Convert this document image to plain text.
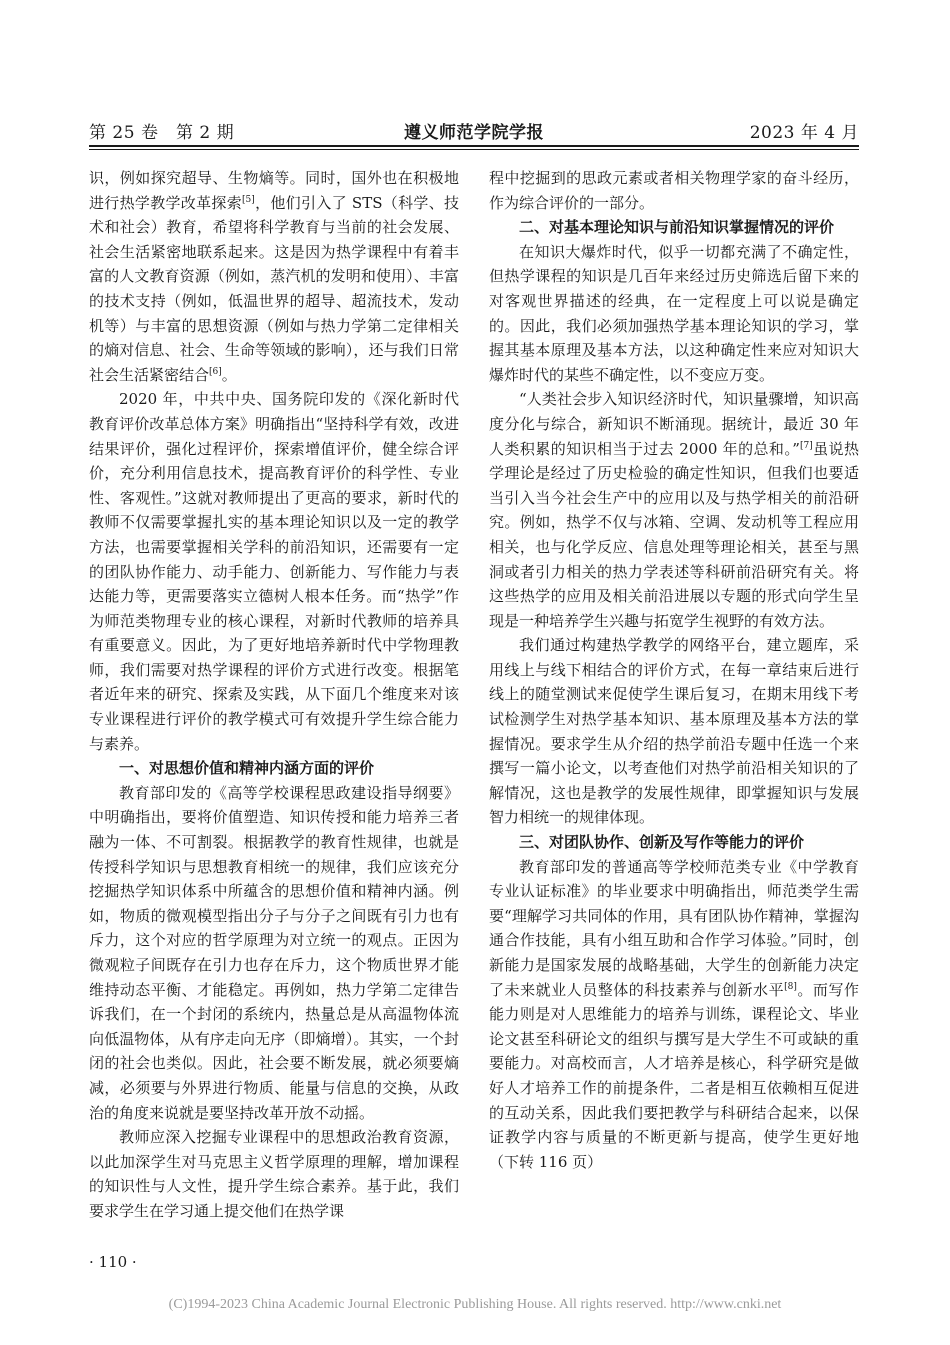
第 25 卷　第 2 期	遵义师范学院学报	2023 年 4 月

识，例如探究超导、生物熵等。同时，国外也在积极地进行热学教学改革探索[5]，他们引入了 STS（科学、技术和社会）教育，希望将科学教育与当前的社会发展、社会生活紧密地联系起来。这是因为热学课程中有着丰富的人文教育资源（例如，蒸汽机的发明和使用）、丰富的技术支持（例如，低温世界的超导、超流技术，发动机等）与丰富的思想资源（例如与热力学第二定律相关的熵对信息、社会、生命等领域的影响），还与我们日常社会生活紧密结合[6]。

2020 年，中共中央、国务院印发的《深化新时代教育评价改革总体方案》明确指出“坚持科学有效，改进结果评价，强化过程评价，探索增值评价，健全综合评价，充分利用信息技术，提高教育评价的科学性、专业性、客观性。”这就对教师提出了更高的要求，新时代的教师不仅需要掌握扎实的基本理论知识以及一定的教学方法，也需要掌握相关学科的前沿知识，还需要有一定的团队协作能力、动手能力、创新能力、写作能力与表达能力等，更需要落实立德树人根本任务。而“热学”作为师范类物理专业的核心课程，对新时代教师的培养具有重要意义。因此，为了更好地培养新时代中学物理教师，我们需要对热学课程的评价方式进行改变。根据笔者近年来的研究、探索及实践，从下面几个维度来对该专业课程进行评价的教学模式可有效提升学生综合能力与素养。

一、对思想价值和精神内涵方面的评价

教育部印发的《高等学校课程思政建设指导纲要》中明确指出，要将价值塑造、知识传授和能力培养三者融为一体、不可割裂。根据教学的教育性规律，也就是传授科学知识与思想教育相统一的规律，我们应该充分挖掘热学知识体系中所蕴含的思想价值和精神内涵。例如，物质的微观模型指出分子与分子之间既有引力也有斥力，这个对应的哲学原理为对立统一的观点。正因为微观粒子间既存在引力也存在斥力，这个物质世界才能维持动态平衡、才能稳定。再例如，热力学第二定律告诉我们，在一个封闭的系统内，热量总是从高温物体流向低温物体，从有序走向无序（即熵增）。其实，一个封闭的社会也类似。因此，社会要不断发展，就必须要熵减，必须要与外界进行物质、能量与信息的交换，从政治的角度来说就是要坚持改革开放不动摇。

教师应深入挖掘专业课程中的思想政治教育资源，以此加深学生对马克思主义哲学原理的理解，增加课程的知识性与人文性，提升学生综合素养。基于此，我们要求学生在学习通上提交他们在热学课

程中挖掘到的思政元素或者相关物理学家的奋斗经历，作为综合评价的一部分。

二、对基本理论知识与前沿知识掌握情况的评价

在知识大爆炸时代，似乎一切都充满了不确定性，但热学课程的知识是几百年来经过历史筛选后留下来的对客观世界描述的经典，在一定程度上可以说是确定的。因此，我们必须加强热学基本理论知识的学习，掌握其基本原理及基本方法，以这种确定性来应对知识大爆炸时代的某些不确定性，以不变应万变。

“人类社会步入知识经济时代，知识量骤增，知识高度分化与综合，新知识不断涌现。据统计，最近 30 年人类积累的知识相当于过去 2000 年的总和。”[7]虽说热学理论是经过了历史检验的确定性知识，但我们也要适当引入当今社会生产中的应用以及与热学相关的前沿研究。例如，热学不仅与冰箱、空调、发动机等工程应用相关，也与化学反应、信息处理等理论相关，甚至与黑洞或者引力相关的热力学表述等科研前沿研究有关。将这些热学的应用及相关前沿进展以专题的形式向学生呈现是一种培养学生兴趣与拓宽学生视野的有效方法。

我们通过构建热学教学的网络平台，建立题库，采用线上与线下相结合的评价方式，在每一章结束后进行线上的随堂测试来促使学生课后复习，在期末用线下考试检测学生对热学基本知识、基本原理及基本方法的掌握情况。要求学生从介绍的热学前沿专题中任选一个来撰写一篇小论文，以考查他们对热学前沿相关知识的了解情况，这也是教学的发展性规律，即掌握知识与发展智力相统一的规律体现。

三、对团队协作、创新及写作等能力的评价

教育部印发的普通高等学校师范类专业《中学教育专业认证标准》的毕业要求中明确指出，师范类学生需要“理解学习共同体的作用，具有团队协作精神，掌握沟通合作技能，具有小组互助和合作学习体验。”同时，创新能力是国家发展的战略基础，大学生的创新能力决定了未来就业人员整体的科技素养与创新水平[8]。而写作能力则是对人思维能力的培养与训练，课程论文、毕业论文甚至科研论文的组织与撰写是大学生不可或缺的重要能力。对高校而言，人才培养是核心，科学研究是做好人才培养工作的前提条件，二者是相互依赖相互促进的互动关系，因此我们要把教学与科研结合起来，以保证教学内容与质量的不断更新与提高，使学生更好地（下转 116 页）

· 110 ·
(C)1994-2023 China Academic Journal Electronic Publishing House. All rights reserved. http://www.cnki.net
